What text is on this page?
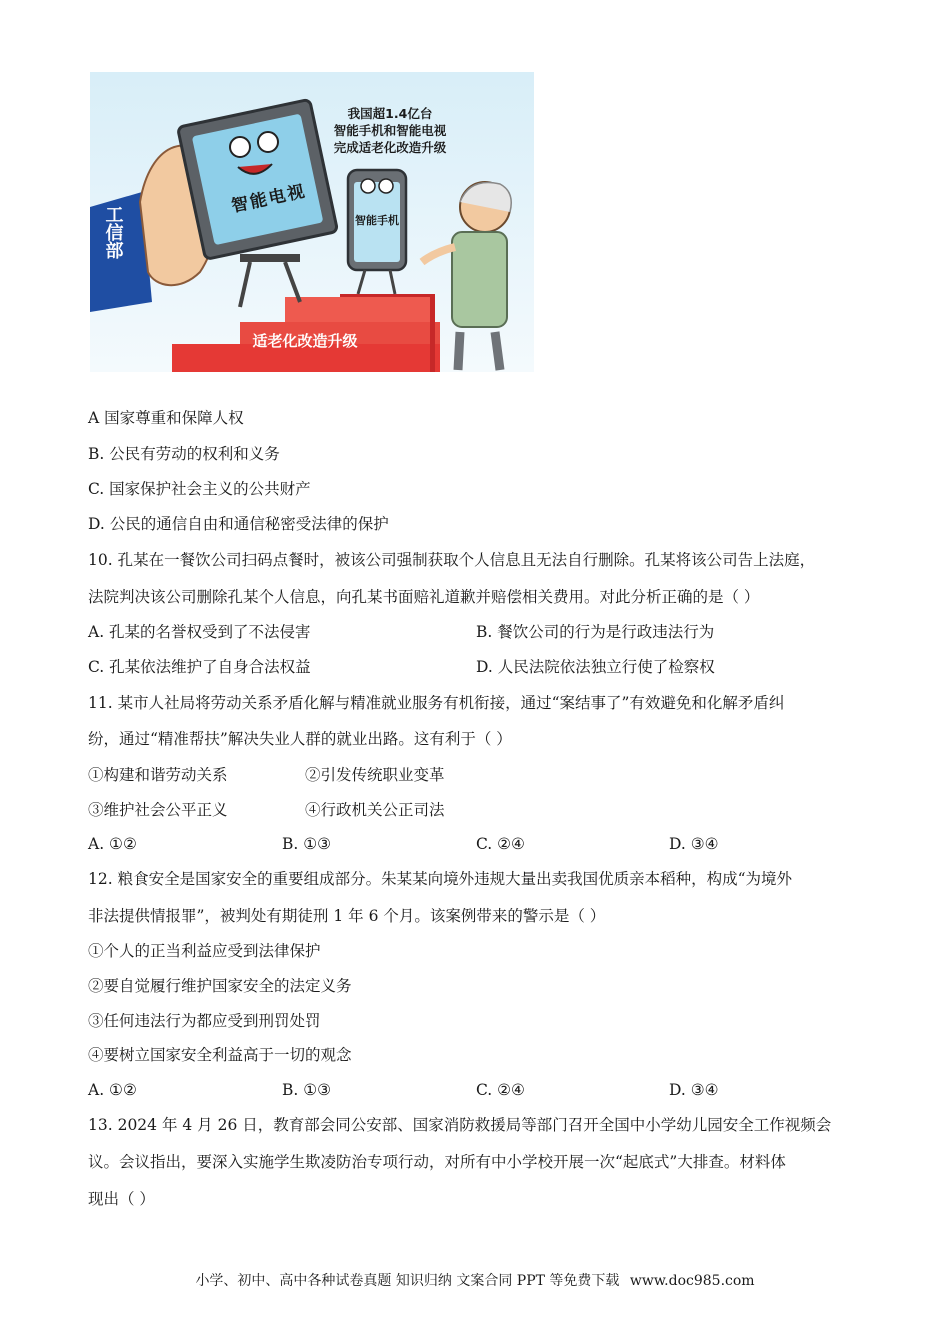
我国超1.4亿台
智能手机和智能电视
完成适老化改造升级
适老化改造升级
工信部
智能电视
智能手机
A 国家尊重和保障人权
B. 公民有劳动的权利和义务
C. 国家保护社会主义的公共财产
D. 公民的通信自由和通信秘密受法律的保护
10. 孔某在一餐饮公司扫码点餐时，被该公司强制获取个人信息且无法自行删除。孔某将该公司告上法庭，
法院判决该公司删除孔某个人信息，向孔某书面赔礼道歉并赔偿相关费用。对此分析正确的是（ ）
A. 孔某的名誉权受到了不法侵害	B. 餐饮公司的行为是行政违法行为
C. 孔某依法维护了自身合法权益	D. 人民法院依法独立行使了检察权
11. 某市人社局将劳动关系矛盾化解与精准就业服务有机衔接，通过“案结事了”有效避免和化解矛盾纠
纷，通过“精准帮扶”解决失业人群的就业出路。这有利于（ ）
①构建和谐劳动关系	②引发传统职业变革
③维护社会公平正义	④行政机关公正司法
A. ①②	B. ①③	C. ②④	D. ③④
12. 粮食安全是国家安全的重要组成部分。朱某某向境外违规大量出卖我国优质亲本稻种，构成“为境外
非法提供情报罪”，被判处有期徒刑 1 年 6 个月。该案例带来的警示是（ ）
①个人的正当利益应受到法律保护
②要自觉履行维护国家安全的法定义务
③任何违法行为都应受到刑罚处罚
④要树立国家安全利益高于一切的观念
A. ①②	B. ①③	C. ②④	D. ③④
13. 2024 年 4 月 26 日，教育部会同公安部、国家消防救援局等部门召开全国中小学幼儿园安全工作视频会
议。会议指出，要深入实施学生欺凌防治专项行动，对所有中小学校开展一次“起底式”大排查。材料体
现出（ ）
小学、初中、高中各种试卷真题 知识归纳 文案合同 PPT 等免费下载 www.doc985.com
